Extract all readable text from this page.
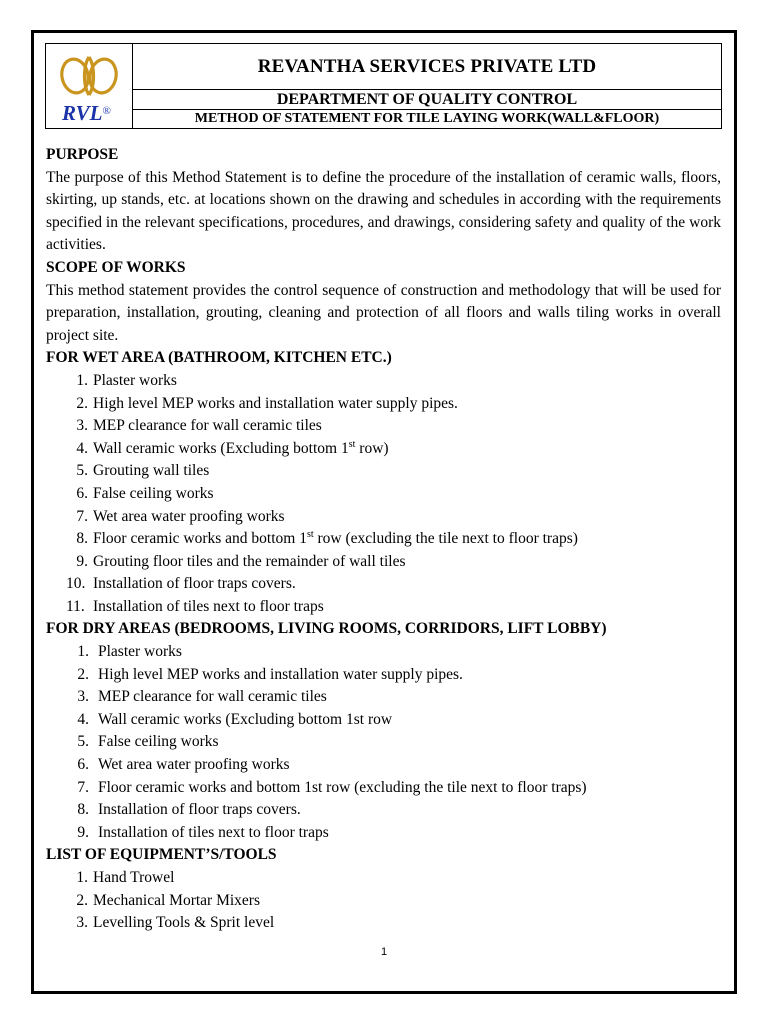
RVL®
REVANTHA SERVICES PRIVATE LTD
DEPARTMENT OF QUALITY CONTROL
METHOD OF STATEMENT FOR TILE LAYING WORK(WALL&FLOOR)

PURPOSE

The purpose of this Method Statement is to define the procedure of the installation of ceramic walls, floors, skirting, up stands, etc. at locations shown on the drawing and schedules in according with the requirements specified in the relevant specifications, procedures, and drawings, considering safety and quality of the work activities.

SCOPE OF WORKS

This method statement provides the control sequence of construction and methodology that will be used for preparation, installation, grouting, cleaning and protection of all floors and walls tiling works in overall project site.

FOR WET AREA (BATHROOM, KITCHEN ETC.)

1. Plaster works
2. High level MEP works and installation water supply pipes.
3. MEP clearance for wall ceramic tiles
4. Wall ceramic works (Excluding bottom 1st row)
5. Grouting wall tiles
6. False ceiling works
7. Wet area water proofing works
8. Floor ceramic works and bottom 1st row (excluding the tile next to floor traps)
9. Grouting floor tiles and the remainder of wall tiles
10. Installation of floor traps covers.
11. Installation of tiles next to floor traps

FOR DRY AREAS (BEDROOMS, LIVING ROOMS, CORRIDORS, LIFT LOBBY)

1. Plaster works
2. High level MEP works and installation water supply pipes.
3. MEP clearance for wall ceramic tiles
4. Wall ceramic works (Excluding bottom 1st row
5. False ceiling works
6. Wet area water proofing works
7. Floor ceramic works and bottom 1st row (excluding the tile next to floor traps)
8. Installation of floor traps covers.
9. Installation of tiles next to floor traps

LIST OF EQUIPMENT’S/TOOLS

1. Hand Trowel
2. Mechanical Mortar Mixers
3. Levelling Tools & Sprit level
1
